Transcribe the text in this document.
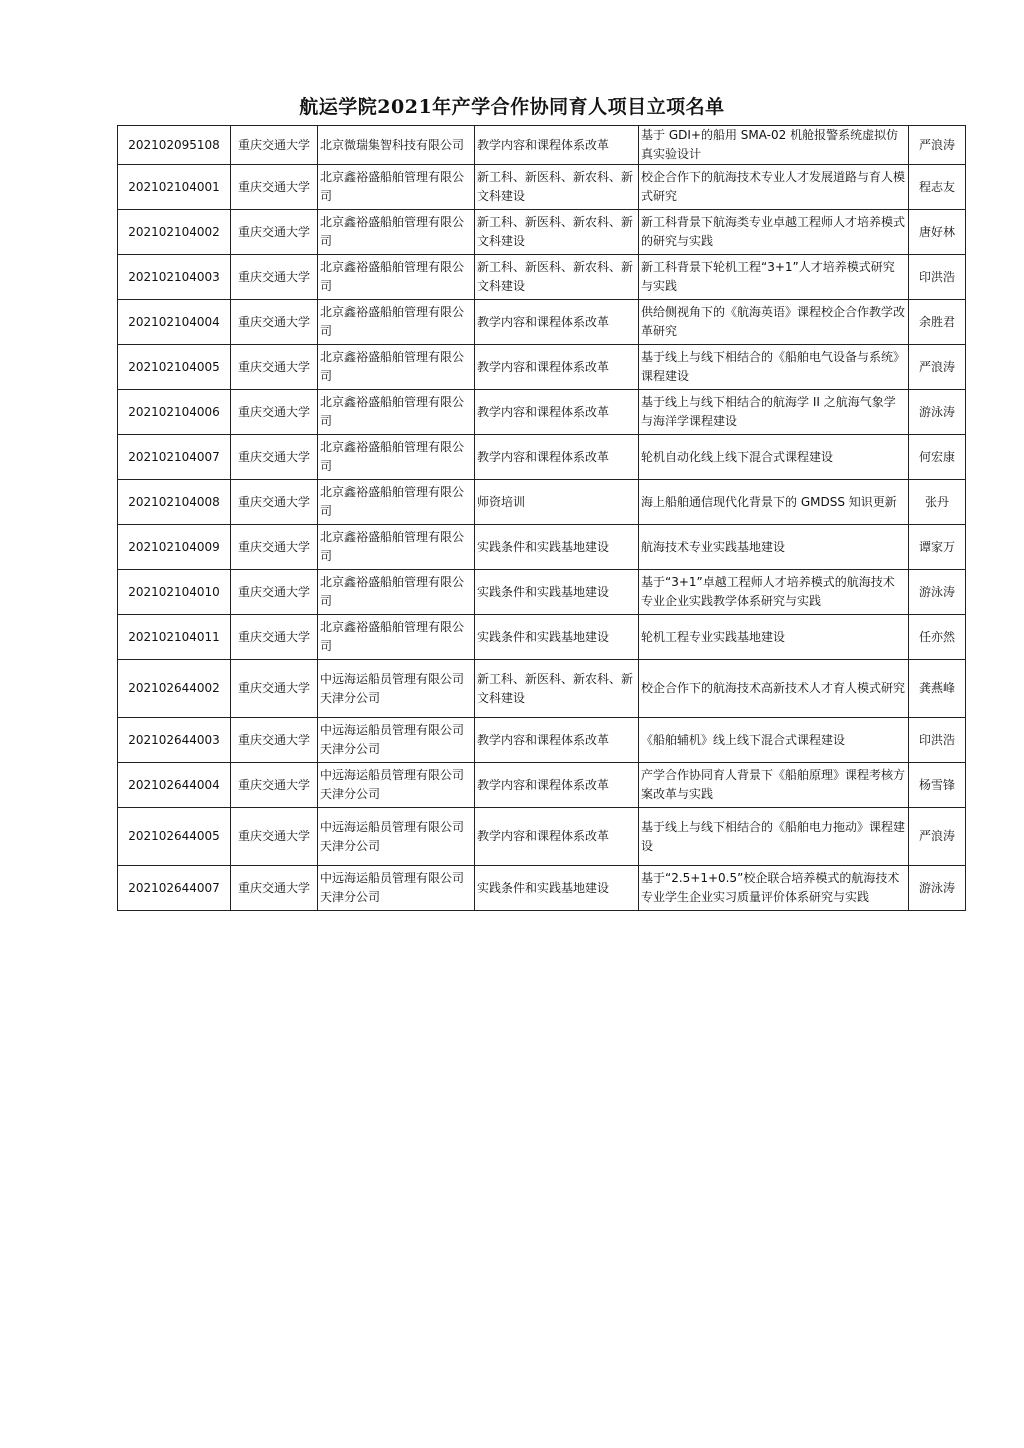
航运学院2021年产学合作协同育人项目立项名单
202102095108	重庆交通大学	北京微瑞集智科技有限公司	教学内容和课程体系改革	基于 GDI+的船用 SMA-02 机舱报警系统虚拟仿真实验设计	严浪涛
202102104001	重庆交通大学	北京鑫裕盛船舶管理有限公司	新工科、新医科、新农科、新文科建设	校企合作下的航海技术专业人才发展道路与育人模式研究	程志友
202102104002	重庆交通大学	北京鑫裕盛船舶管理有限公司	新工科、新医科、新农科、新文科建设	新工科背景下航海类专业卓越工程师人才培养模式的研究与实践	唐好林
202102104003	重庆交通大学	北京鑫裕盛船舶管理有限公司	新工科、新医科、新农科、新文科建设	新工科背景下轮机工程“3+1”人才培养模式研究与实践	印洪浩
202102104004	重庆交通大学	北京鑫裕盛船舶管理有限公司	教学内容和课程体系改革	供给侧视角下的《航海英语》课程校企合作教学改革研究	余胜君
202102104005	重庆交通大学	北京鑫裕盛船舶管理有限公司	教学内容和课程体系改革	基于线上与线下相结合的《船舶电气设备与系统》课程建设	严浪涛
202102104006	重庆交通大学	北京鑫裕盛船舶管理有限公司	教学内容和课程体系改革	基于线上与线下相结合的航海学 II 之航海气象学与海洋学课程建设	游泳涛
202102104007	重庆交通大学	北京鑫裕盛船舶管理有限公司	教学内容和课程体系改革	轮机自动化线上线下混合式课程建设	何宏康
202102104008	重庆交通大学	北京鑫裕盛船舶管理有限公司	师资培训	海上船舶通信现代化背景下的 GMDSS 知识更新	张丹
202102104009	重庆交通大学	北京鑫裕盛船舶管理有限公司	实践条件和实践基地建设	航海技术专业实践基地建设	谭家万
202102104010	重庆交通大学	北京鑫裕盛船舶管理有限公司	实践条件和实践基地建设	基于“3+1”卓越工程师人才培养模式的航海技术专业企业实践教学体系研究与实践	游泳涛
202102104011	重庆交通大学	北京鑫裕盛船舶管理有限公司	实践条件和实践基地建设	轮机工程专业实践基地建设	任亦然
202102644002	重庆交通大学	中远海运船员管理有限公司天津分公司	新工科、新医科、新农科、新文科建设	校企合作下的航海技术高新技术人才育人模式研究	龚燕峰
202102644003	重庆交通大学	中远海运船员管理有限公司天津分公司	教学内容和课程体系改革	《船舶辅机》线上线下混合式课程建设	印洪浩
202102644004	重庆交通大学	中远海运船员管理有限公司天津分公司	教学内容和课程体系改革	产学合作协同育人背景下《船舶原理》课程考核方案改革与实践	杨雪锋
202102644005	重庆交通大学	中远海运船员管理有限公司天津分公司	教学内容和课程体系改革	基于线上与线下相结合的《船舶电力拖动》课程建设	严浪涛
202102644007	重庆交通大学	中远海运船员管理有限公司天津分公司	实践条件和实践基地建设	基于“2.5+1+0.5”校企联合培养模式的航海技术专业学生企业实习质量评价体系研究与实践	游泳涛
